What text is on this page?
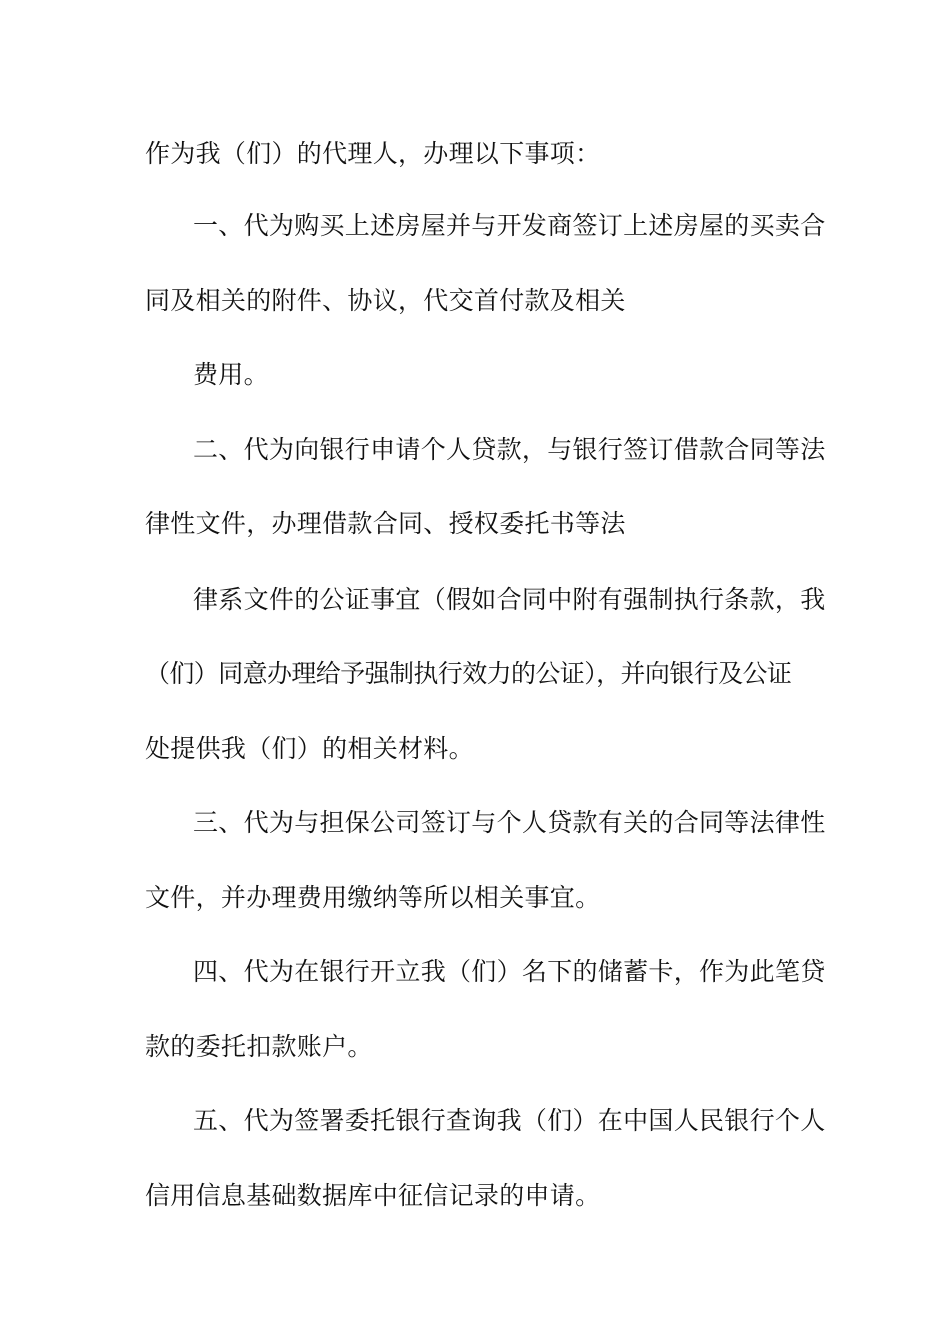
作为我（们）的代理人，办理以下事项：
一、代为购买上述房屋并与开发商签订上述房屋的买卖合
同及相关的附件、协议，代交首付款及相关
费用。
二、代为向银行申请个人贷款，与银行签订借款合同等法
律性文件，办理借款合同、授权委托书等法
律系文件的公证事宜（假如合同中附有强制执行条款，我
（们）同意办理给予强制执行效力的公证），并向银行及公证
处提供我（们）的相关材料。
三、代为与担保公司签订与个人贷款有关的合同等法律性
文件，并办理费用缴纳等所以相关事宜。
四、代为在银行开立我（们）名下的储蓄卡，作为此笔贷
款的委托扣款账户。
五、代为签署委托银行查询我（们）在中国人民银行个人
信用信息基础数据库中征信记录的申请。
